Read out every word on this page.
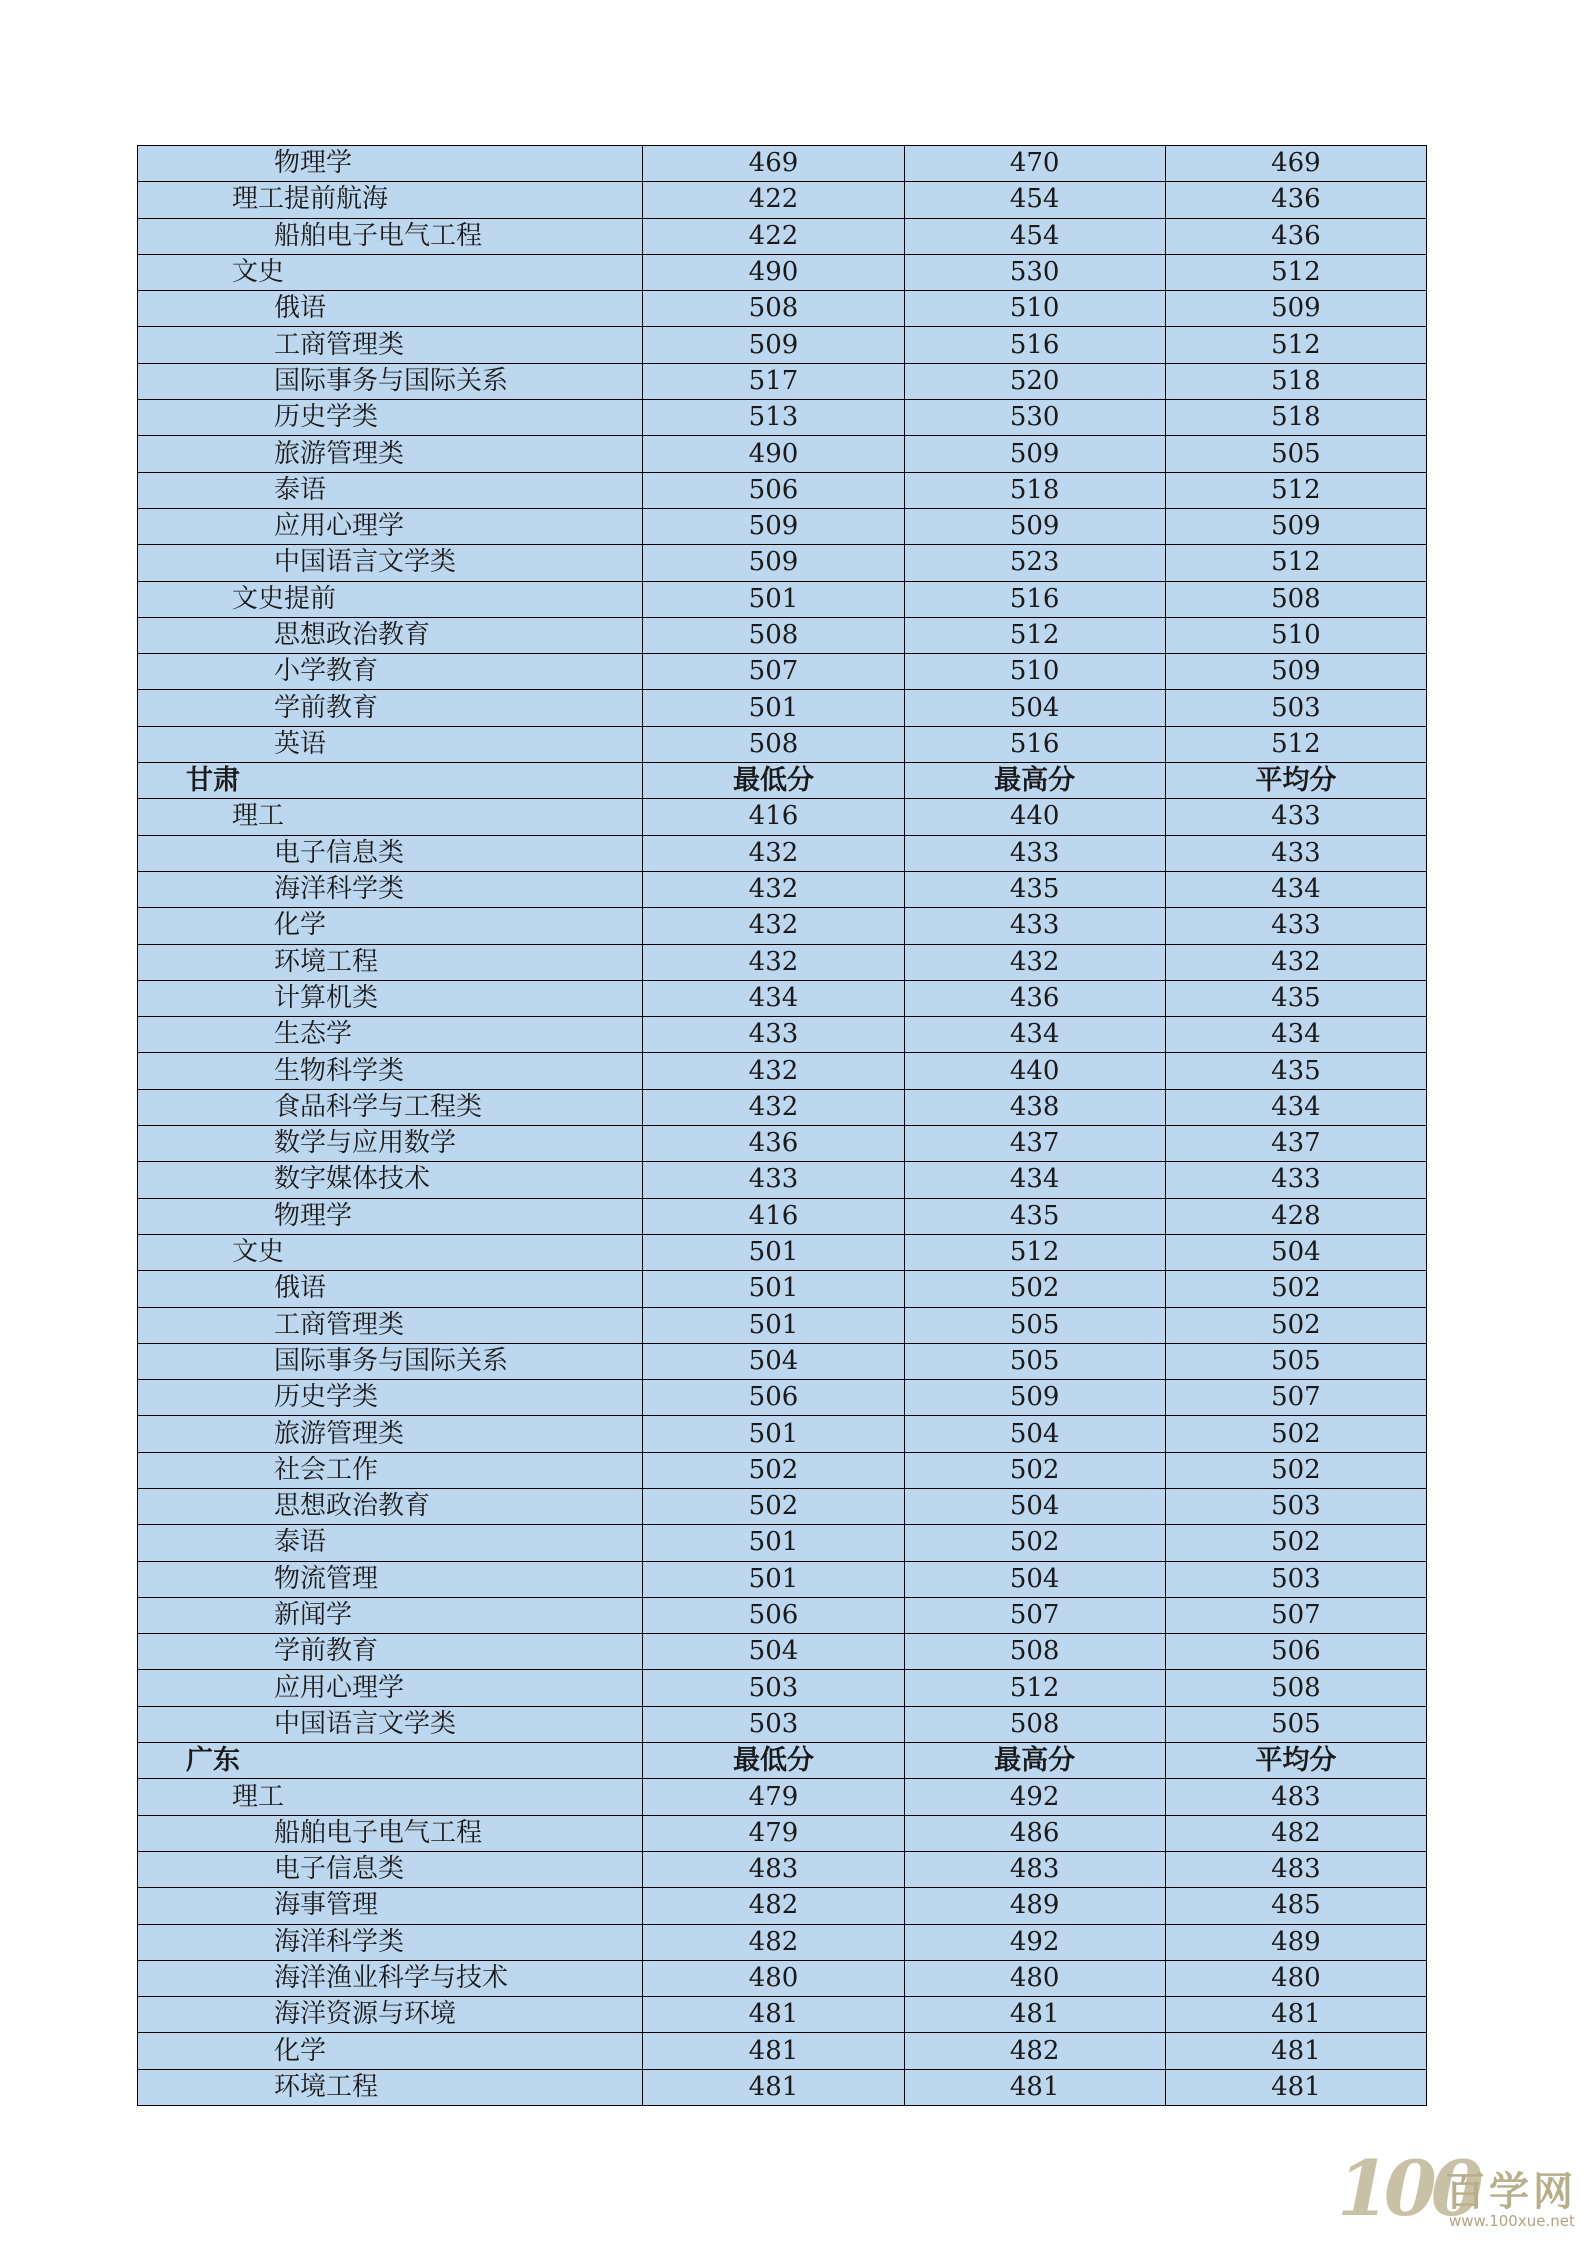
物理学	469	470	469
理工提前航海	422	454	436
船舶电子电气工程	422	454	436
文史	490	530	512
俄语	508	510	509
工商管理类	509	516	512
国际事务与国际关系	517	520	518
历史学类	513	530	518
旅游管理类	490	509	505
泰语	506	518	512
应用心理学	509	509	509
中国语言文学类	509	523	512
文史提前	501	516	508
思想政治教育	508	512	510
小学教育	507	510	509
学前教育	501	504	503
英语	508	516	512
甘肃	最低分	最高分	平均分
理工	416	440	433
电子信息类	432	433	433
海洋科学类	432	435	434
化学	432	433	433
环境工程	432	432	432
计算机类	434	436	435
生态学	433	434	434
生物科学类	432	440	435
食品科学与工程类	432	438	434
数学与应用数学	436	437	437
数字媒体技术	433	434	433
物理学	416	435	428
文史	501	512	504
俄语	501	502	502
工商管理类	501	505	502
国际事务与国际关系	504	505	505
历史学类	506	509	507
旅游管理类	501	504	502
社会工作	502	502	502
思想政治教育	502	504	503
泰语	501	502	502
物流管理	501	504	503
新闻学	506	507	507
学前教育	504	508	506
应用心理学	503	512	508
中国语言文学类	503	508	505
广东	最低分	最高分	平均分
理工	479	492	483
船舶电子电气工程	479	486	482
电子信息类	483	483	483
海事管理	482	489	485
海洋科学类	482	492	489
海洋渔业科学与技术	480	480	480
海洋资源与环境	481	481	481
化学	481	482	481
环境工程	481	481	481
100
百学网
www.100xue.net
